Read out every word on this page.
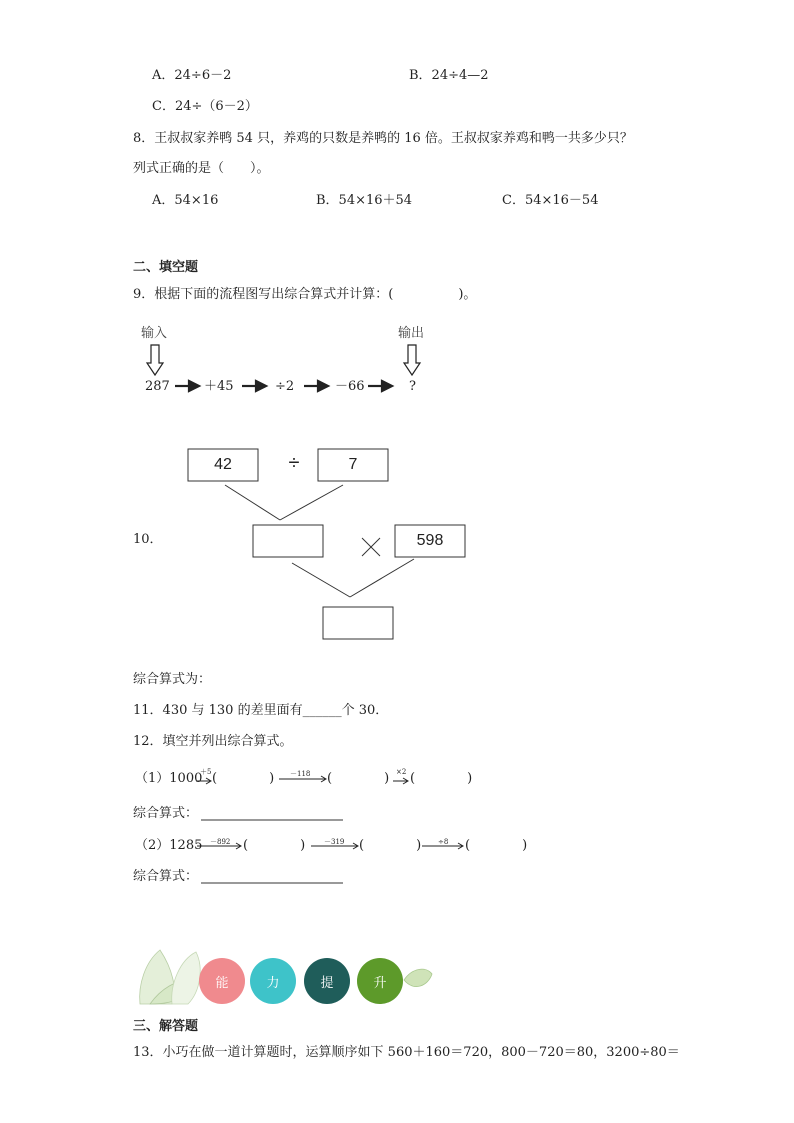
A．24÷6－2	B．24÷4—2
C．24÷（6－2）
8．王叔叔家养鸭 54 只，养鸡的只数是养鸭的 16 倍。王叔叔家养鸡和鸭一共多少只？
列式正确的是（　　）。
A．54×16	B．54×16＋54	C．54×16－54
二、填空题
9．根据下面的流程图写出综合算式并计算：(　　　　　)。
输入	输出
287	＋45	÷2	－66	?
10．
42	÷	7
598
综合算式为：
11．430 与 130 的差里面有______个 30．
12．填空并列出综合算式。
（1）1000
＋5 (　　　　) －118 (　　　　) ×2 (　　　　)
综合算式：
（2）1285 －892 (　　　　)	－319 (　　　　) ÷8 (　　　　)
综合算式：
能	力	提	升
三、解答题
13．小巧在做一道计算题时，运算顺序如下 560＋160＝720，800－720＝80，3200÷80＝
